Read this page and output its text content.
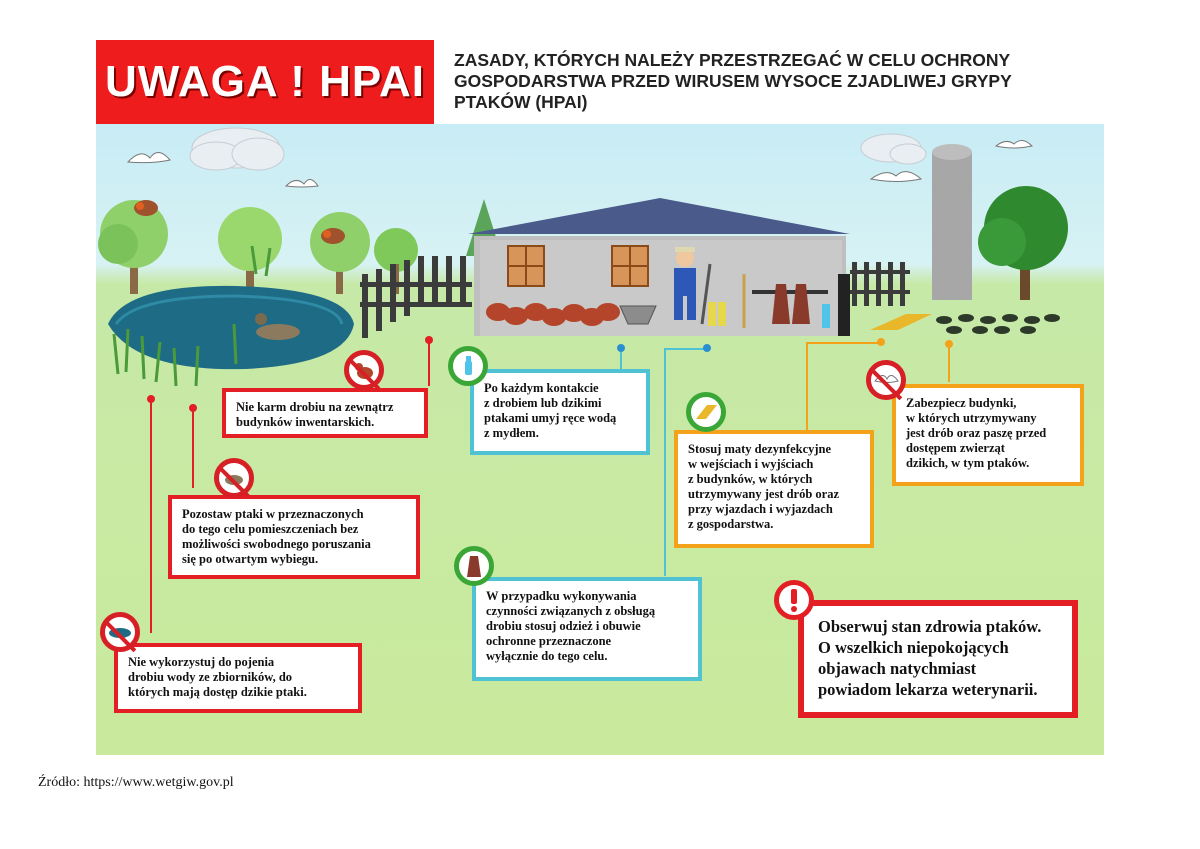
UWAGA ! HPAI ZASADY, KTÓRYCH NALEŻY PRZESTRZEGAĆ W CELU OCHRONY
GOSPODARSTWA PRZED WIRUSEM WYSOCE ZJADLIWEJ GRYPY
PTAKÓW (HPAI)
Nie karm drobiu na zewnątrz
budynków inwentarskich.
Pozostaw ptaki w przeznaczonych
do tego celu pomieszczeniach bez
możliwości swobodnego poruszania
się po otwartym wybiegu.
Nie wykorzystuj do pojenia
drobiu wody ze zbiorników, do
których mają dostęp dzikie ptaki.
Po każdym kontakcie
z drobiem lub dzikimi
ptakami umyj ręce wodą
z mydłem.
W przypadku wykonywania
czynności związanych z obsługą
drobiu stosuj odzież i obuwie
ochronne przeznaczone
wyłącznie do tego celu.
Stosuj maty dezynfekcyjne
w wejściach i wyjściach
z budynków, w których
utrzymywany jest drób oraz
przy wjazdach i wyjazdach
z gospodarstwa.
Zabezpiecz budynki,
w których utrzymywany
jest drób oraz paszę przed
dostępem zwierząt
dzikich, w tym ptaków.
Obserwuj stan zdrowia ptaków.
O wszelkich niepokojących
objawach natychmiast
powiadom lekarza weterynarii.
Źródło: https://www.wetgiw.gov.pl
